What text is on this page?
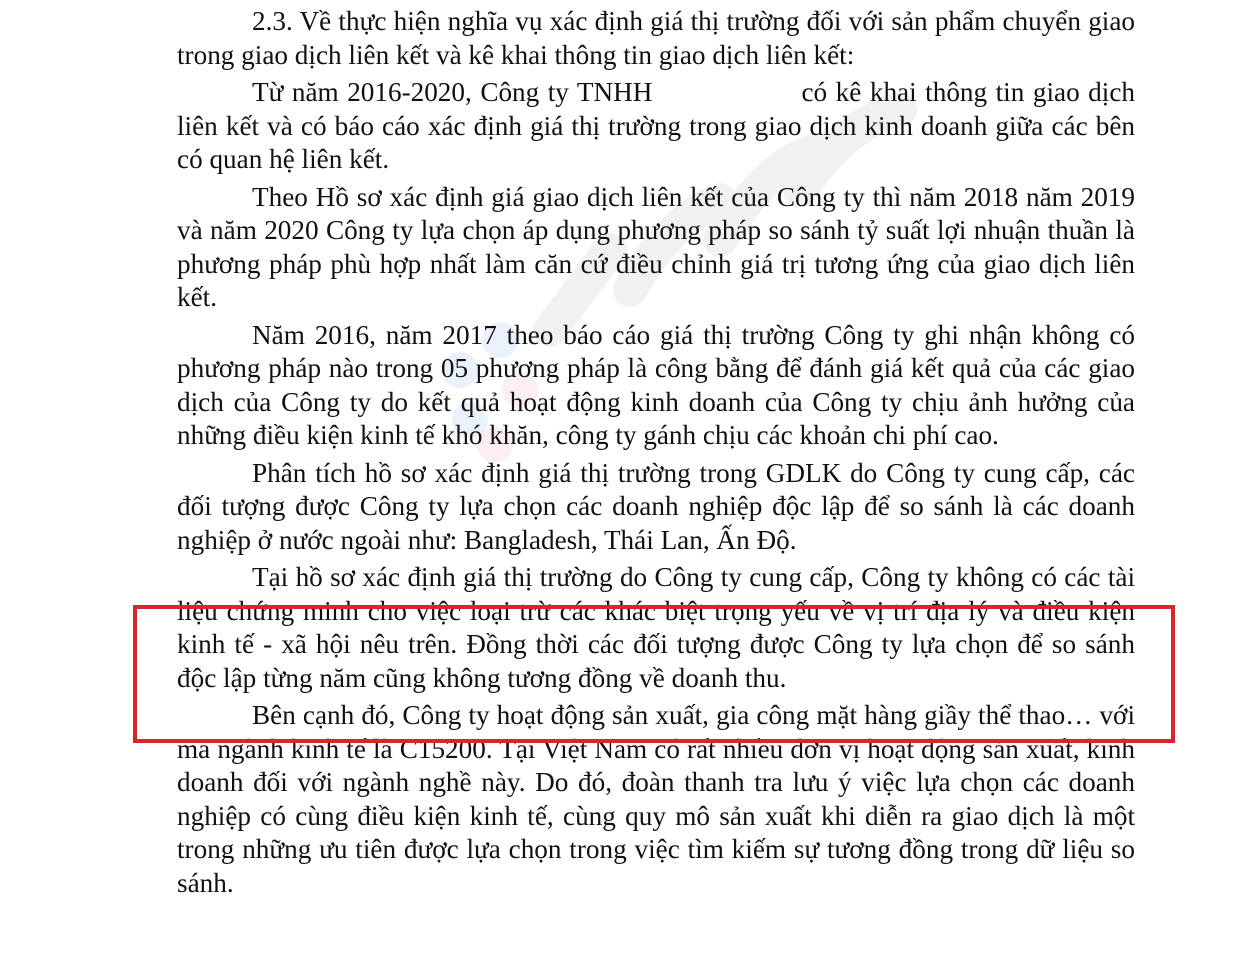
2.3. Về thực hiện nghĩa vụ xác định giá thị trường đối với sản phẩm chuyển giao trong giao dịch liên kết và kê khai thông tin giao dịch liên kết:

Từ năm 2016-2020, Công ty TNHH	có kê khai thông tin giao dịch liên kết và có báo cáo xác định giá thị trường trong giao dịch kinh doanh giữa các bên có quan hệ liên kết.

Theo Hồ sơ xác định giá giao dịch liên kết của Công ty thì năm 2018 năm 2019 và năm 2020 Công ty lựa chọn áp dụng phương pháp so sánh tỷ suất lợi nhuận thuần là phương pháp phù hợp nhất làm căn cứ điều chỉnh giá trị tương ứng của giao dịch liên kết.

Năm 2016, năm 2017 theo báo cáo giá thị trường Công ty ghi nhận không có phương pháp nào trong 05 phương pháp là công bằng để đánh giá kết quả của các giao dịch của Công ty do kết quả hoạt động kinh doanh của Công ty chịu ảnh hưởng của những điều kiện kinh tế khó khăn, công ty gánh chịu các khoản chi phí cao.

Phân tích hồ sơ xác định giá thị trường trong GDLK do Công ty cung cấp, các đối tượng được Công ty lựa chọn các doanh nghiệp độc lập để so sánh là các doanh nghiệp ở nước ngoài như: Bangladesh, Thái Lan, Ấn Độ.

Tại hồ sơ xác định giá thị trường do Công ty cung cấp, Công ty không có các tài liệu chứng minh cho việc loại trừ các khác biệt trọng yếu về vị trí địa lý và điều kiện kinh tế - xã hội nêu trên. Đồng thời các đối tượng được Công ty lựa chọn để so sánh độc lập từng năm cũng không tương đồng về doanh thu.

Bên cạnh đó, Công ty hoạt động sản xuất, gia công mặt hàng giầy thể thao… với mã ngành kinh tế là C15200. Tại Việt Nam có rất nhiều đơn vị hoạt động sản xuất, kinh doanh đối với ngành nghề này. Do đó, đoàn thanh tra lưu ý việc lựa chọn các doanh nghiệp có cùng điều kiện kinh tế, cùng quy mô sản xuất khi diễn ra giao dịch là một trong những ưu tiên được lựa chọn trong việc tìm kiếm sự tương đồng trong dữ liệu so sánh.
